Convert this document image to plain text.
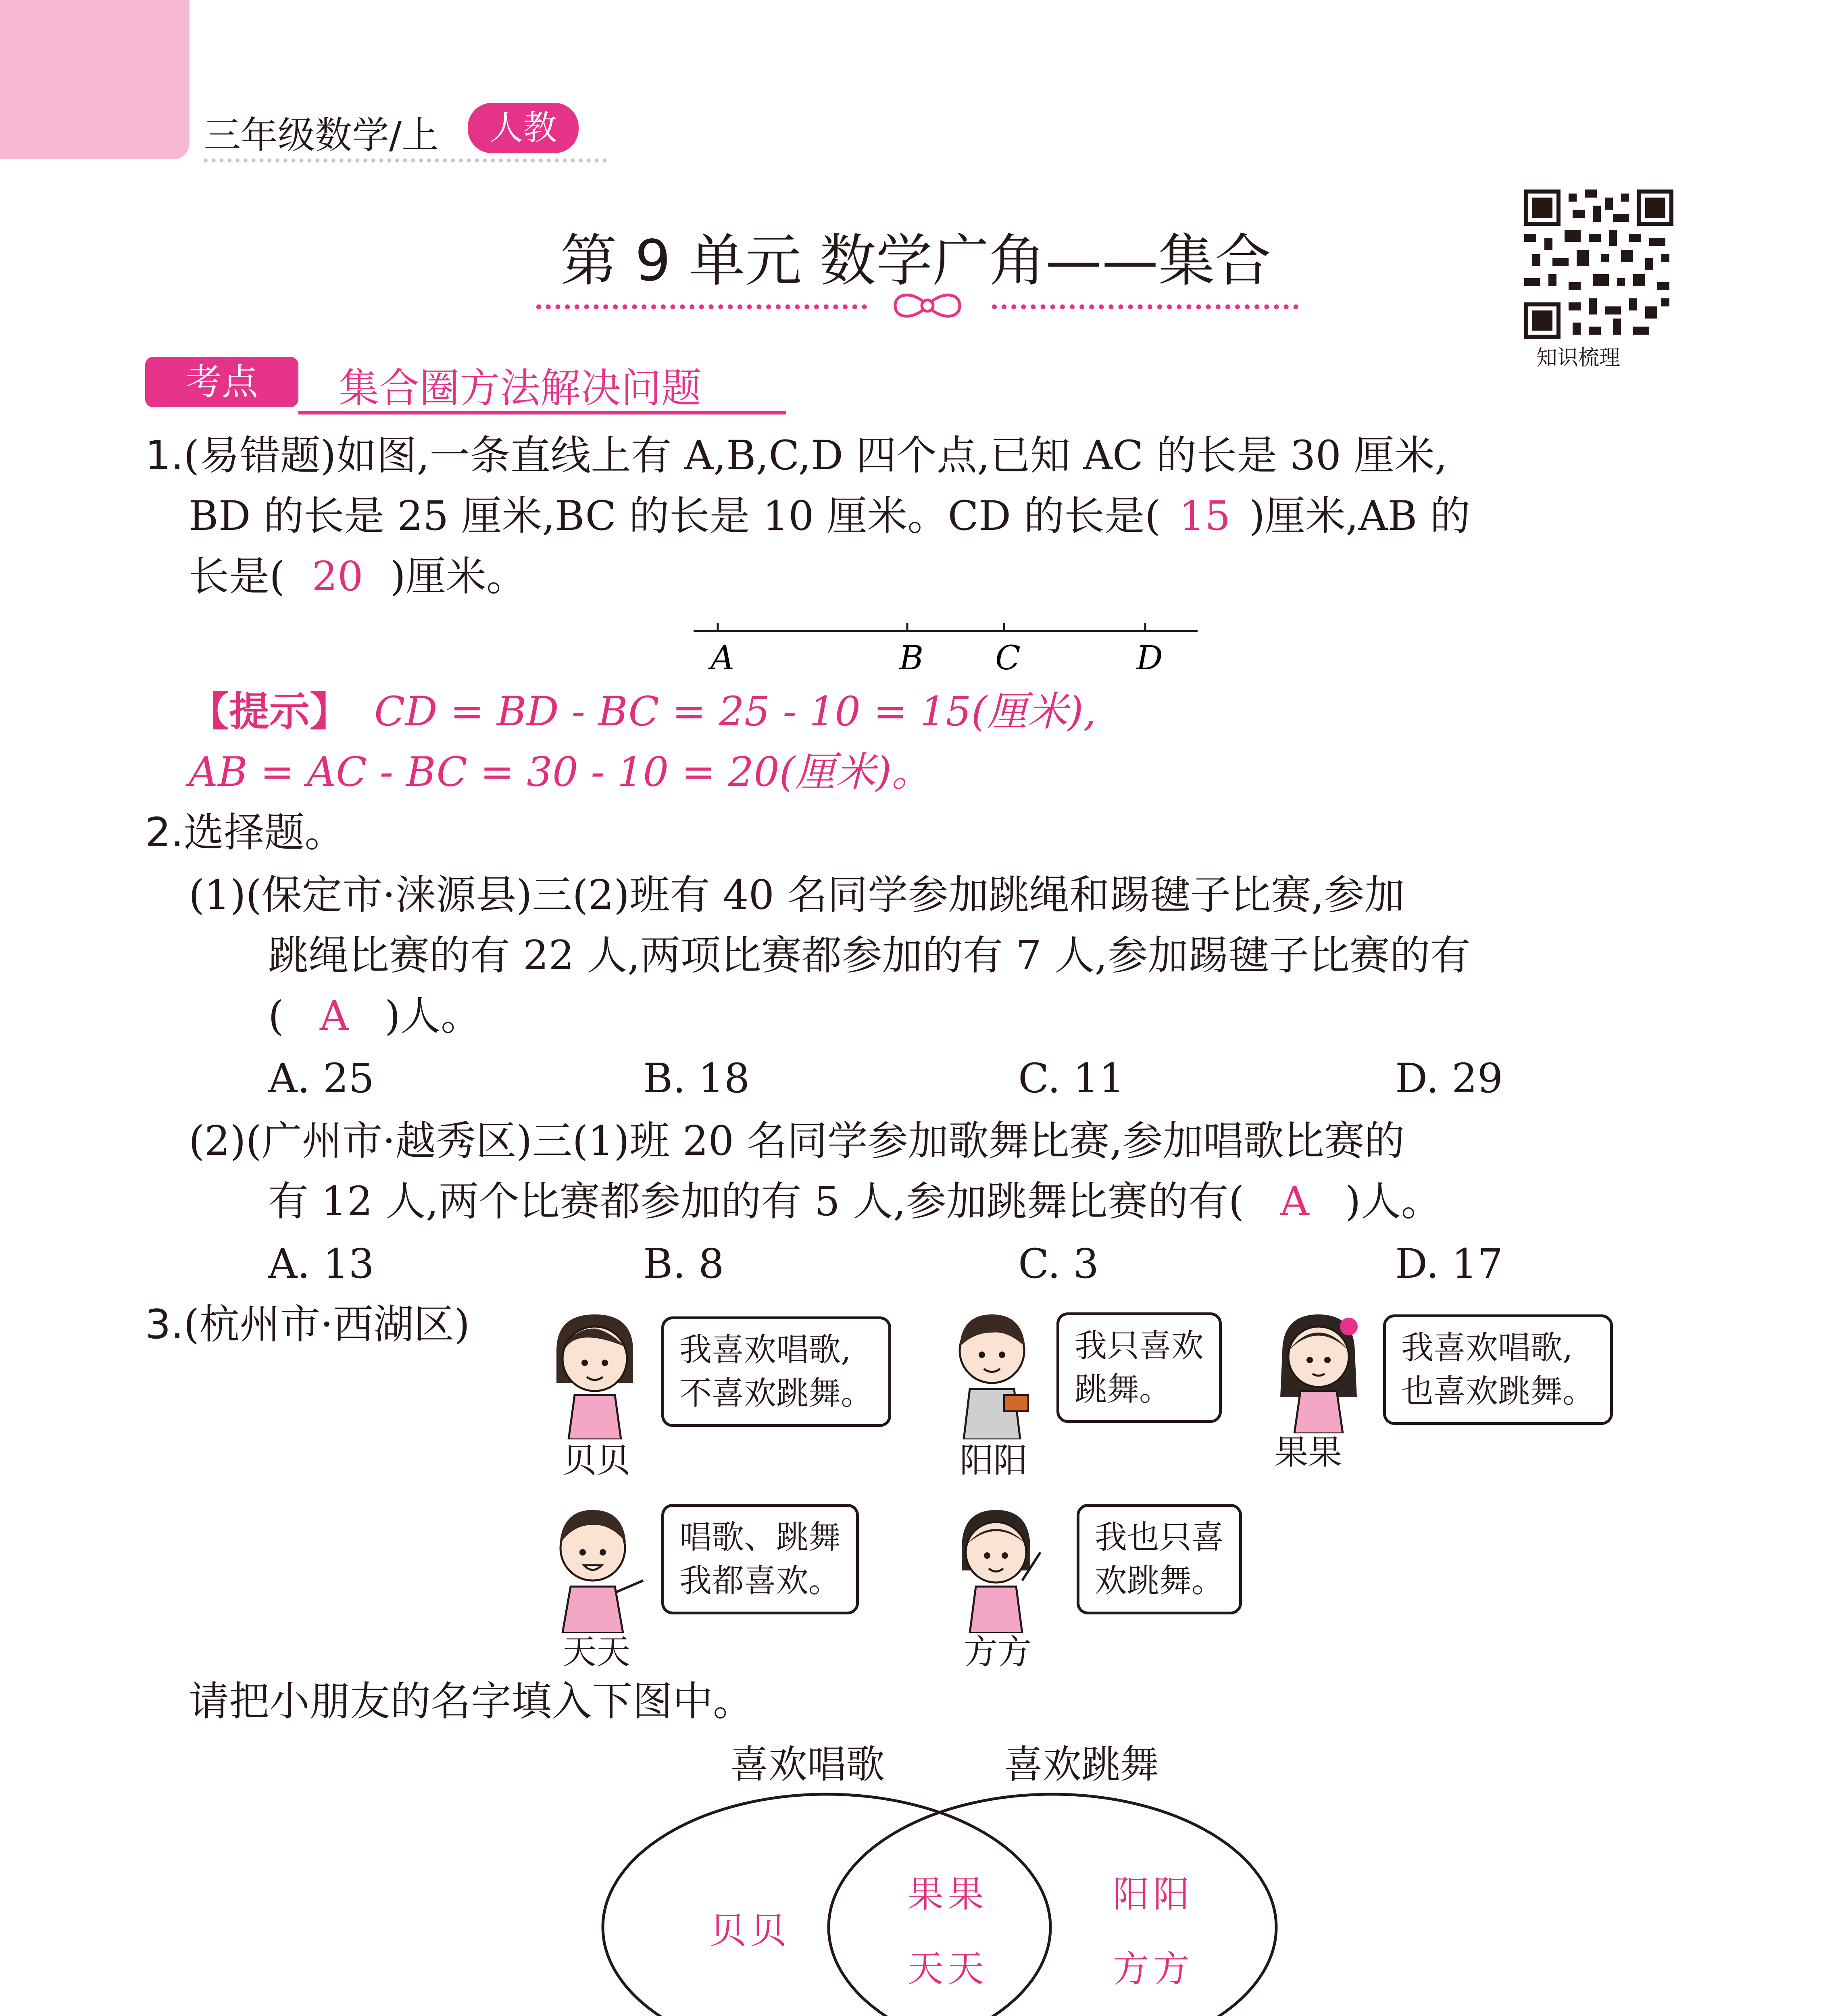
三年级数学/上	人教
第 9 单元 数学广角——集合
知识梳理
考点	集合圈方法解决问题
1.(易错题)如图,一条直线上有 A,B,C,D 四个点,已知 AC 的长是 30 厘米,
BD 的长是 25 厘米,BC 的长是 10 厘米。CD 的长是( 15 )厘米,AB 的
长是( 20 )厘米。
A	B C	D
【提示】 CD = BD - BC = 25 - 10 = 15(厘米),
AB = AC - BC = 30 - 10 = 20(厘米)。
2.选择题。
(1)(保定市·涞源县)三(2)班有 40 名同学参加跳绳和踢毽子比赛,参加
跳绳比赛的有 22 人,两项比赛都参加的有 7 人,参加踢毽子比赛的有
( A )人。
A. 25	B. 18	C. 11	D. 29
(2)(广州市·越秀区)三(1)班 20 名同学参加歌舞比赛,参加唱歌比赛的
有 12 人,两个比赛都参加的有 5 人,参加跳舞比赛的有( A )人。
A. 13	B. 8	C. 3	D. 17
3.(杭州市·西湖区)
我喜欢唱歌,
不喜欢跳舞。
贝贝
我只喜欢
跳舞。
阳阳
我喜欢唱歌,
也喜欢跳舞。
果果
唱歌、跳舞
我都喜欢。
天天
我也只喜
欢跳舞。
方方
请把小朋友的名字填入下图中。
喜欢唱歌	喜欢跳舞
贝贝
果果
天天
阳阳
方方
